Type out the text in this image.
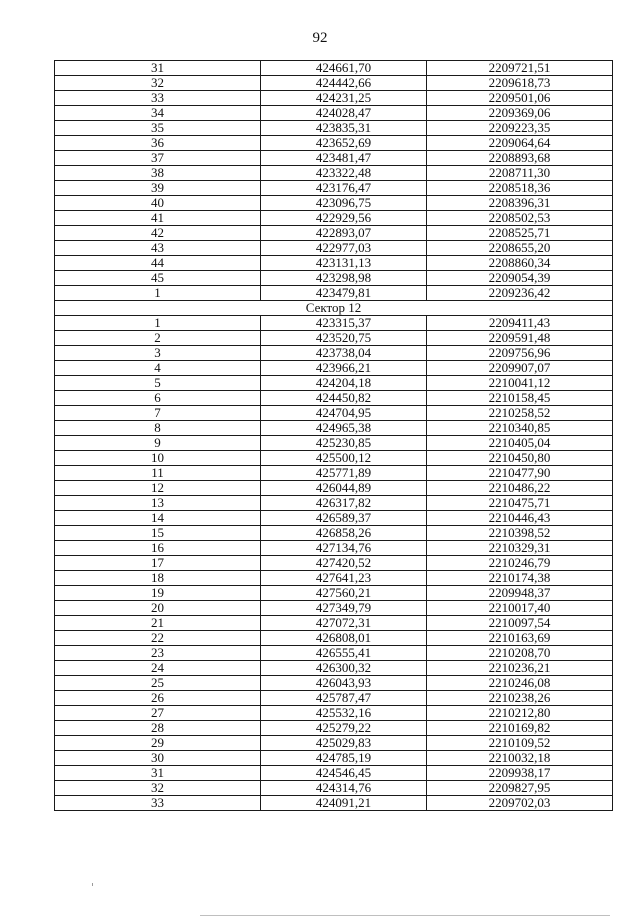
92
31	424661,70	2209721,51
32	424442,66	2209618,73
33	424231,25	2209501,06
34	424028,47	2209369,06
35	423835,31	2209223,35
36	423652,69	2209064,64
37	423481,47	2208893,68
38	423322,48	2208711,30
39	423176,47	2208518,36
40	423096,75	2208396,31
41	422929,56	2208502,53
42	422893,07	2208525,71
43	422977,03	2208655,20
44	423131,13	2208860,34
45	423298,98	2209054,39
1	423479,81	2209236,42
Сектор 12		
1	423315,37	2209411,43
2	423520,75	2209591,48
3	423738,04	2209756,96
4	423966,21	2209907,07
5	424204,18	2210041,12
6	424450,82	2210158,45
7	424704,95	2210258,52
8	424965,38	2210340,85
9	425230,85	2210405,04
10	425500,12	2210450,80
11	425771,89	2210477,90
12	426044,89	2210486,22
13	426317,82	2210475,71
14	426589,37	2210446,43
15	426858,26	2210398,52
16	427134,76	2210329,31
17	427420,52	2210246,79
18	427641,23	2210174,38
19	427560,21	2209948,37
20	427349,79	2210017,40
21	427072,31	2210097,54
22	426808,01	2210163,69
23	426555,41	2210208,70
24	426300,32	2210236,21
25	426043,93	2210246,08
26	425787,47	2210238,26
27	425532,16	2210212,80
28	425279,22	2210169,82
29	425029,83	2210109,52
30	424785,19	2210032,18
31	424546,45	2209938,17
32	424314,76	2209827,95
33	424091,21	2209702,03
